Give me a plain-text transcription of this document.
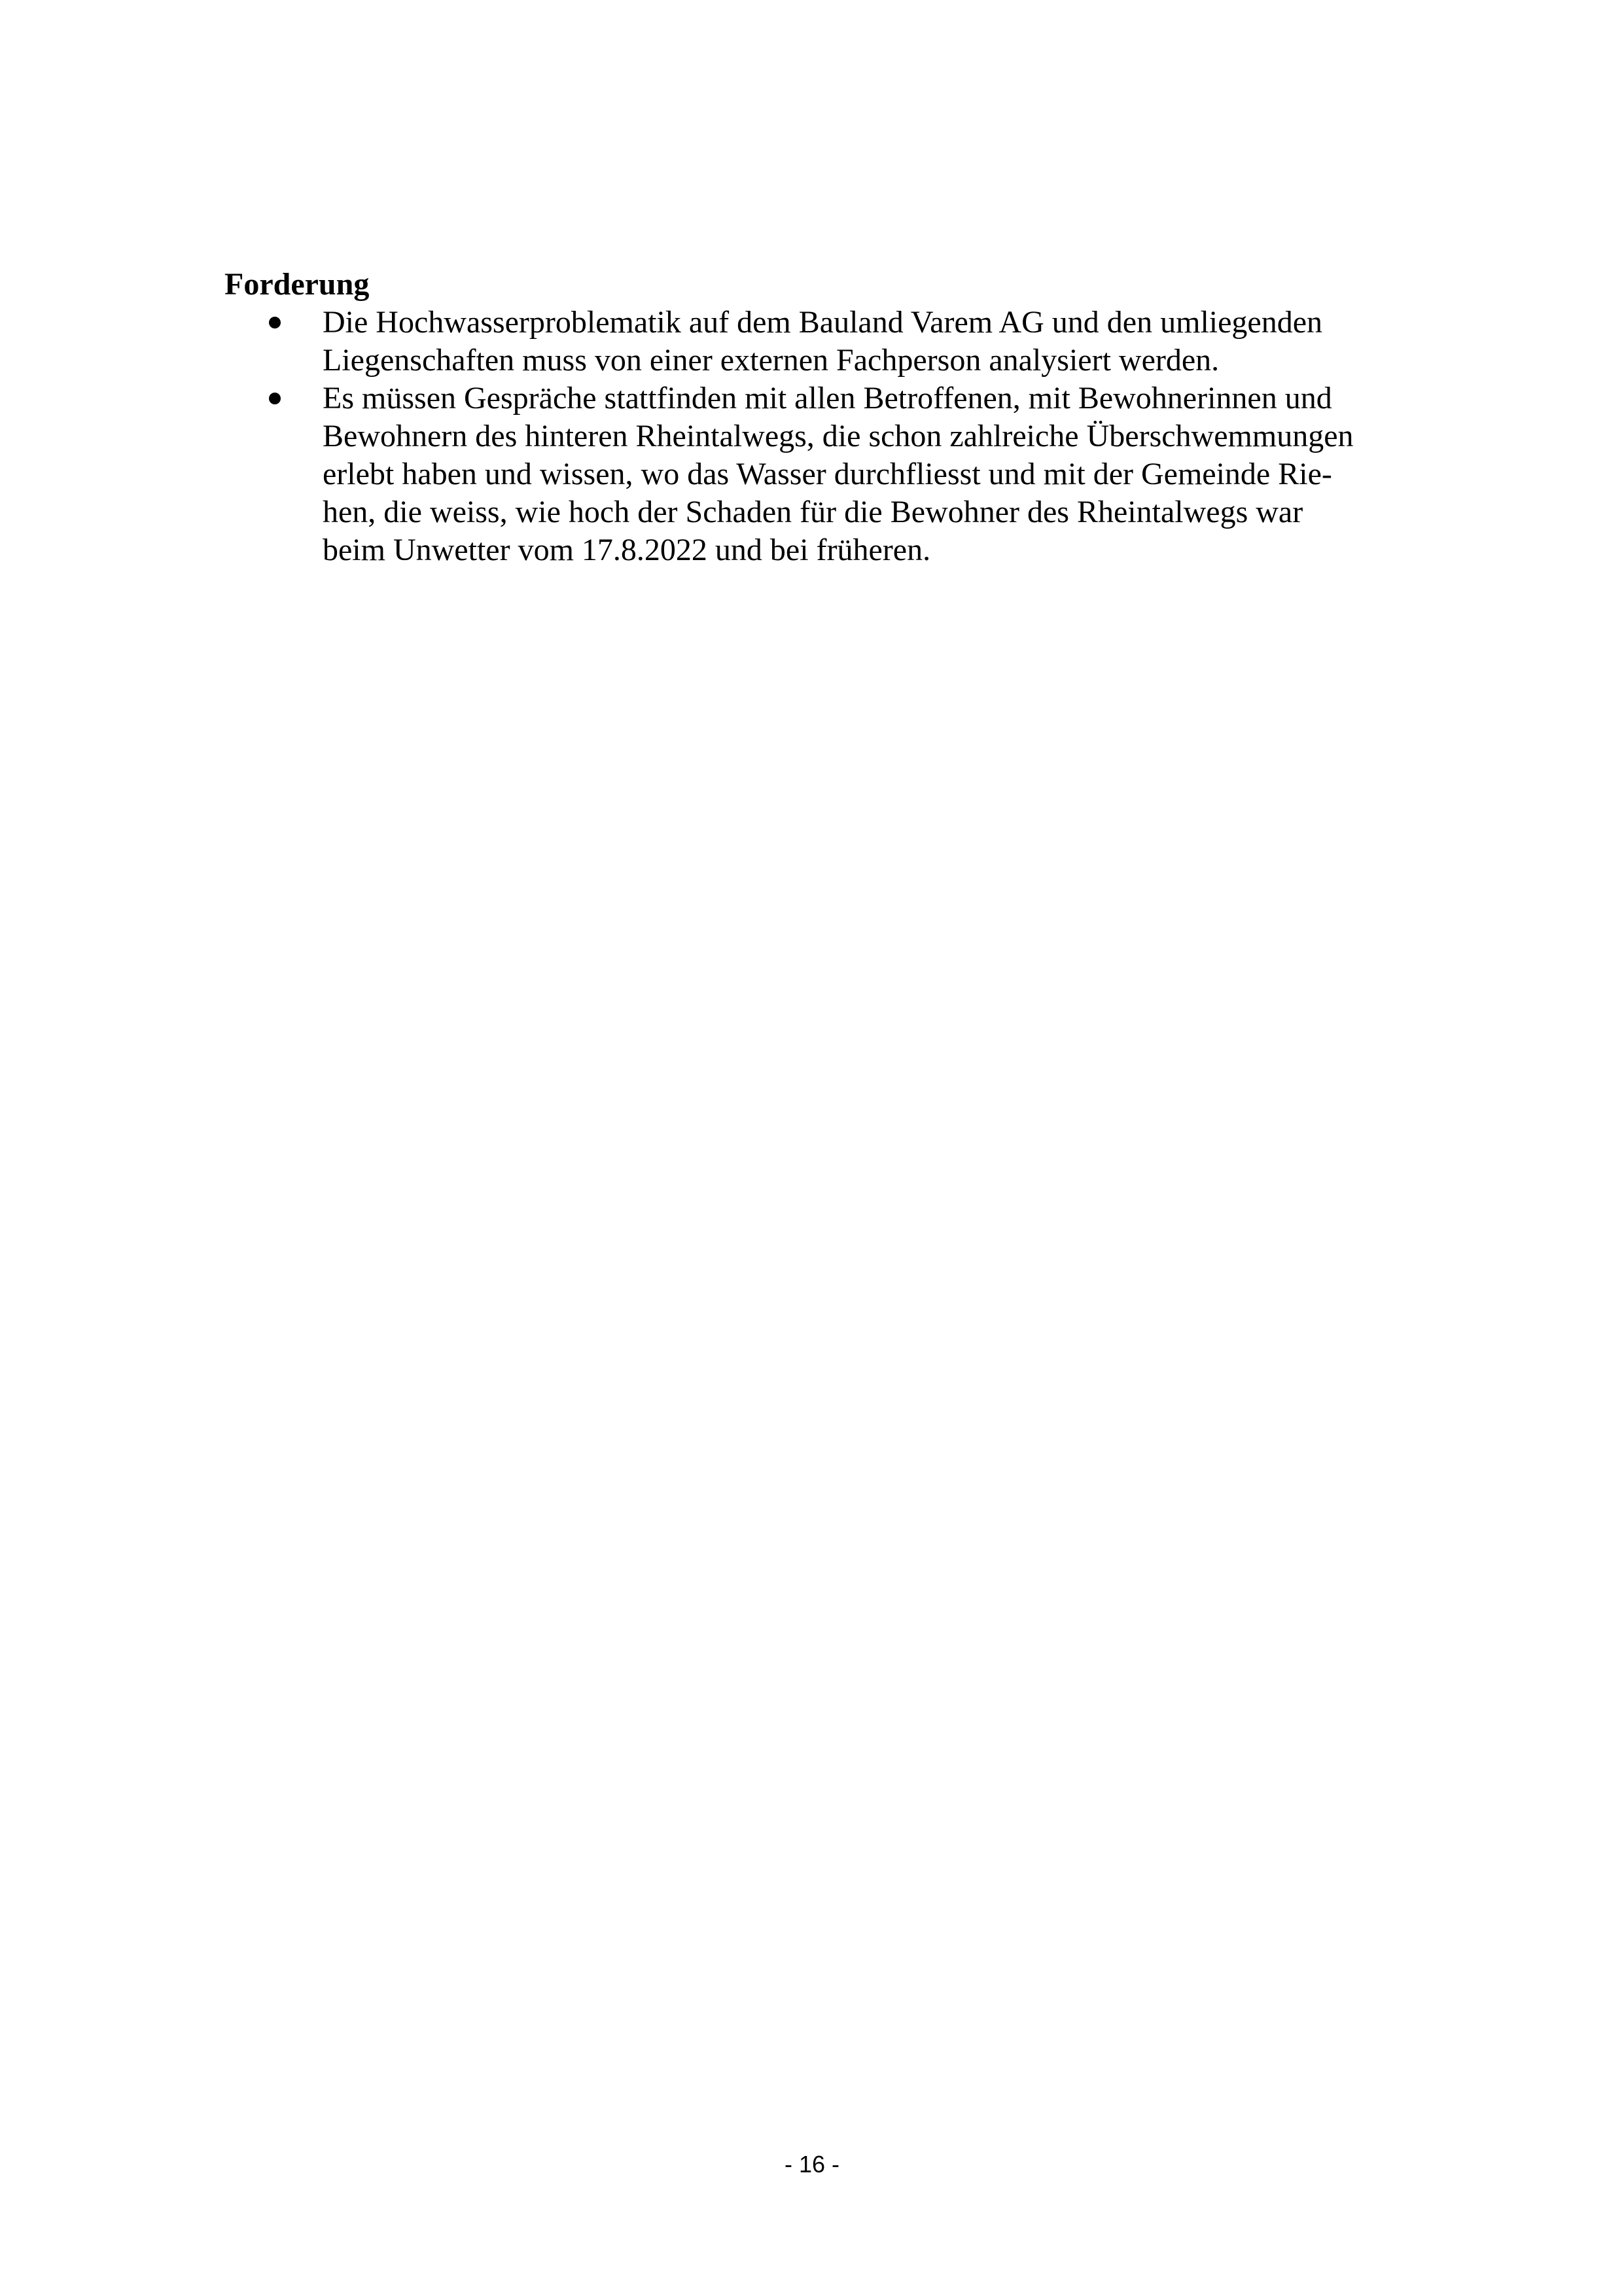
Forderung

Die Hochwasserproblematik auf dem Bauland Varem AG und den umliegenden
Liegenschaften muss von einer externen Fachperson analysiert werden.
Es müssen Gespräche stattfinden mit allen Betroffenen, mit Bewohnerinnen und
Bewohnern des hinteren Rheintalwegs, die schon zahlreiche Überschwemmungen
erlebt haben und wissen, wo das Wasser durchfliesst und mit der Gemeinde Rie-
hen, die weiss, wie hoch der Schaden für die Bewohner des Rheintalwegs war
beim Unwetter vom 17.8.2022 und bei früheren.
- 16 -
